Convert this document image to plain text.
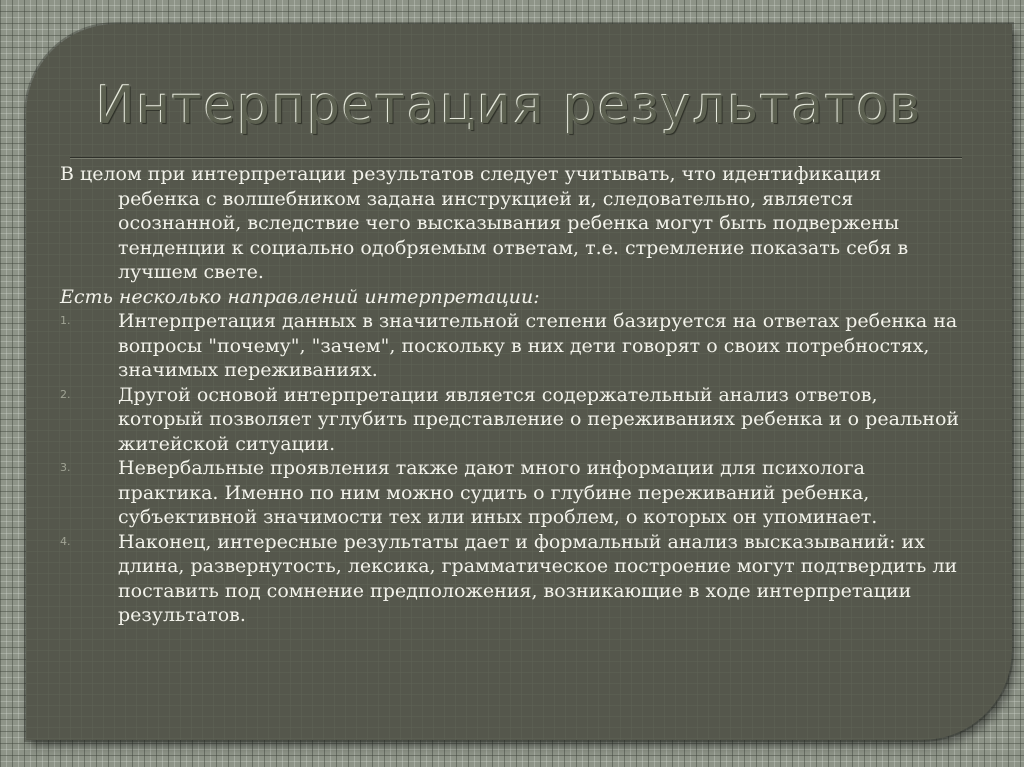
Интерпретация результатов

В целом при интерпретации результатов следует учитывать, что идентификация ребенка с волшебником задана инструкцией и, следовательно, является осознанной, вследствие чего высказывания ребенка могут быть подвержены тенденции к социально одобряемым ответам, т.е. стремление показать себя в лучшем свете.

Есть несколько направлений интерпретации:

1.	Интерпретация данных в значительной степени базируется на ответах ребенка на вопросы "почему", "зачем", поскольку в них дети говорят о своих потребностях, значимых переживаниях.
2.	Другой основой интерпретации является содержательный анализ ответов, который позволяет углубить представление о переживаниях ребенка и о реальной житейской ситуации.
3.	Невербальные проявления также дают много информации для психолога практика. Именно по ним можно судить о глубине переживаний ребенка, субъективной значимости тех или иных проблем, о которых он упоминает.
4.	Наконец, интересные результаты дает и формальный анализ высказываний: их длина, развернутость, лексика, грамматическое построение могут подтвердить ли поставить под сомнение предположения, возникающие в ходе интерпретации результатов.
